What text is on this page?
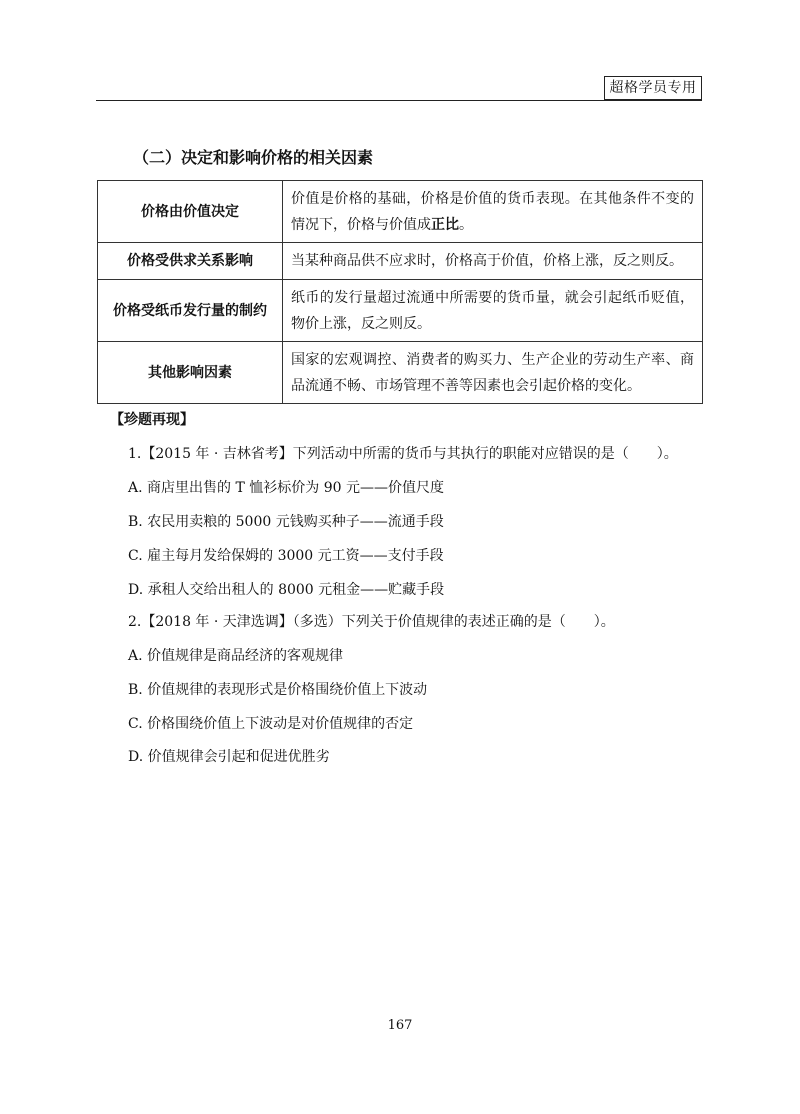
超格学员专用
（二）决定和影响价格的相关因素
价格由价值决定	价值是价格的基础，价格是价值的货币表现。在其他条件不变的情况下，价格与价值成正比。
价格受供求关系影响	当某种商品供不应求时，价格高于价值，价格上涨，反之则反。
价格受纸币发行量的制约	纸币的发行量超过流通中所需要的货币量，就会引起纸币贬值，物价上涨，反之则反。
其他影响因素	国家的宏观调控、消费者的购买力、生产企业的劳动生产率、商品流通不畅、市场管理不善等因素也会引起价格的变化。
【珍题再现】
1.【2015 年 · 吉林省考】下列活动中所需的货币与其执行的职能对应错误的是（　　）。
A. 商店里出售的 T 恤衫标价为 90 元——价值尺度
B. 农民用卖粮的 5000 元钱购买种子——流通手段
C. 雇主每月发给保姆的 3000 元工资——支付手段
D. 承租人交给出租人的 8000 元租金——贮藏手段
2.【2018 年 · 天津选调】（多选）下列关于价值规律的表述正确的是（　　）。
A. 价值规律是商品经济的客观规律
B. 价值规律的表现形式是价格围绕价值上下波动
C. 价格围绕价值上下波动是对价值规律的否定
D. 价值规律会引起和促进优胜劣
167
